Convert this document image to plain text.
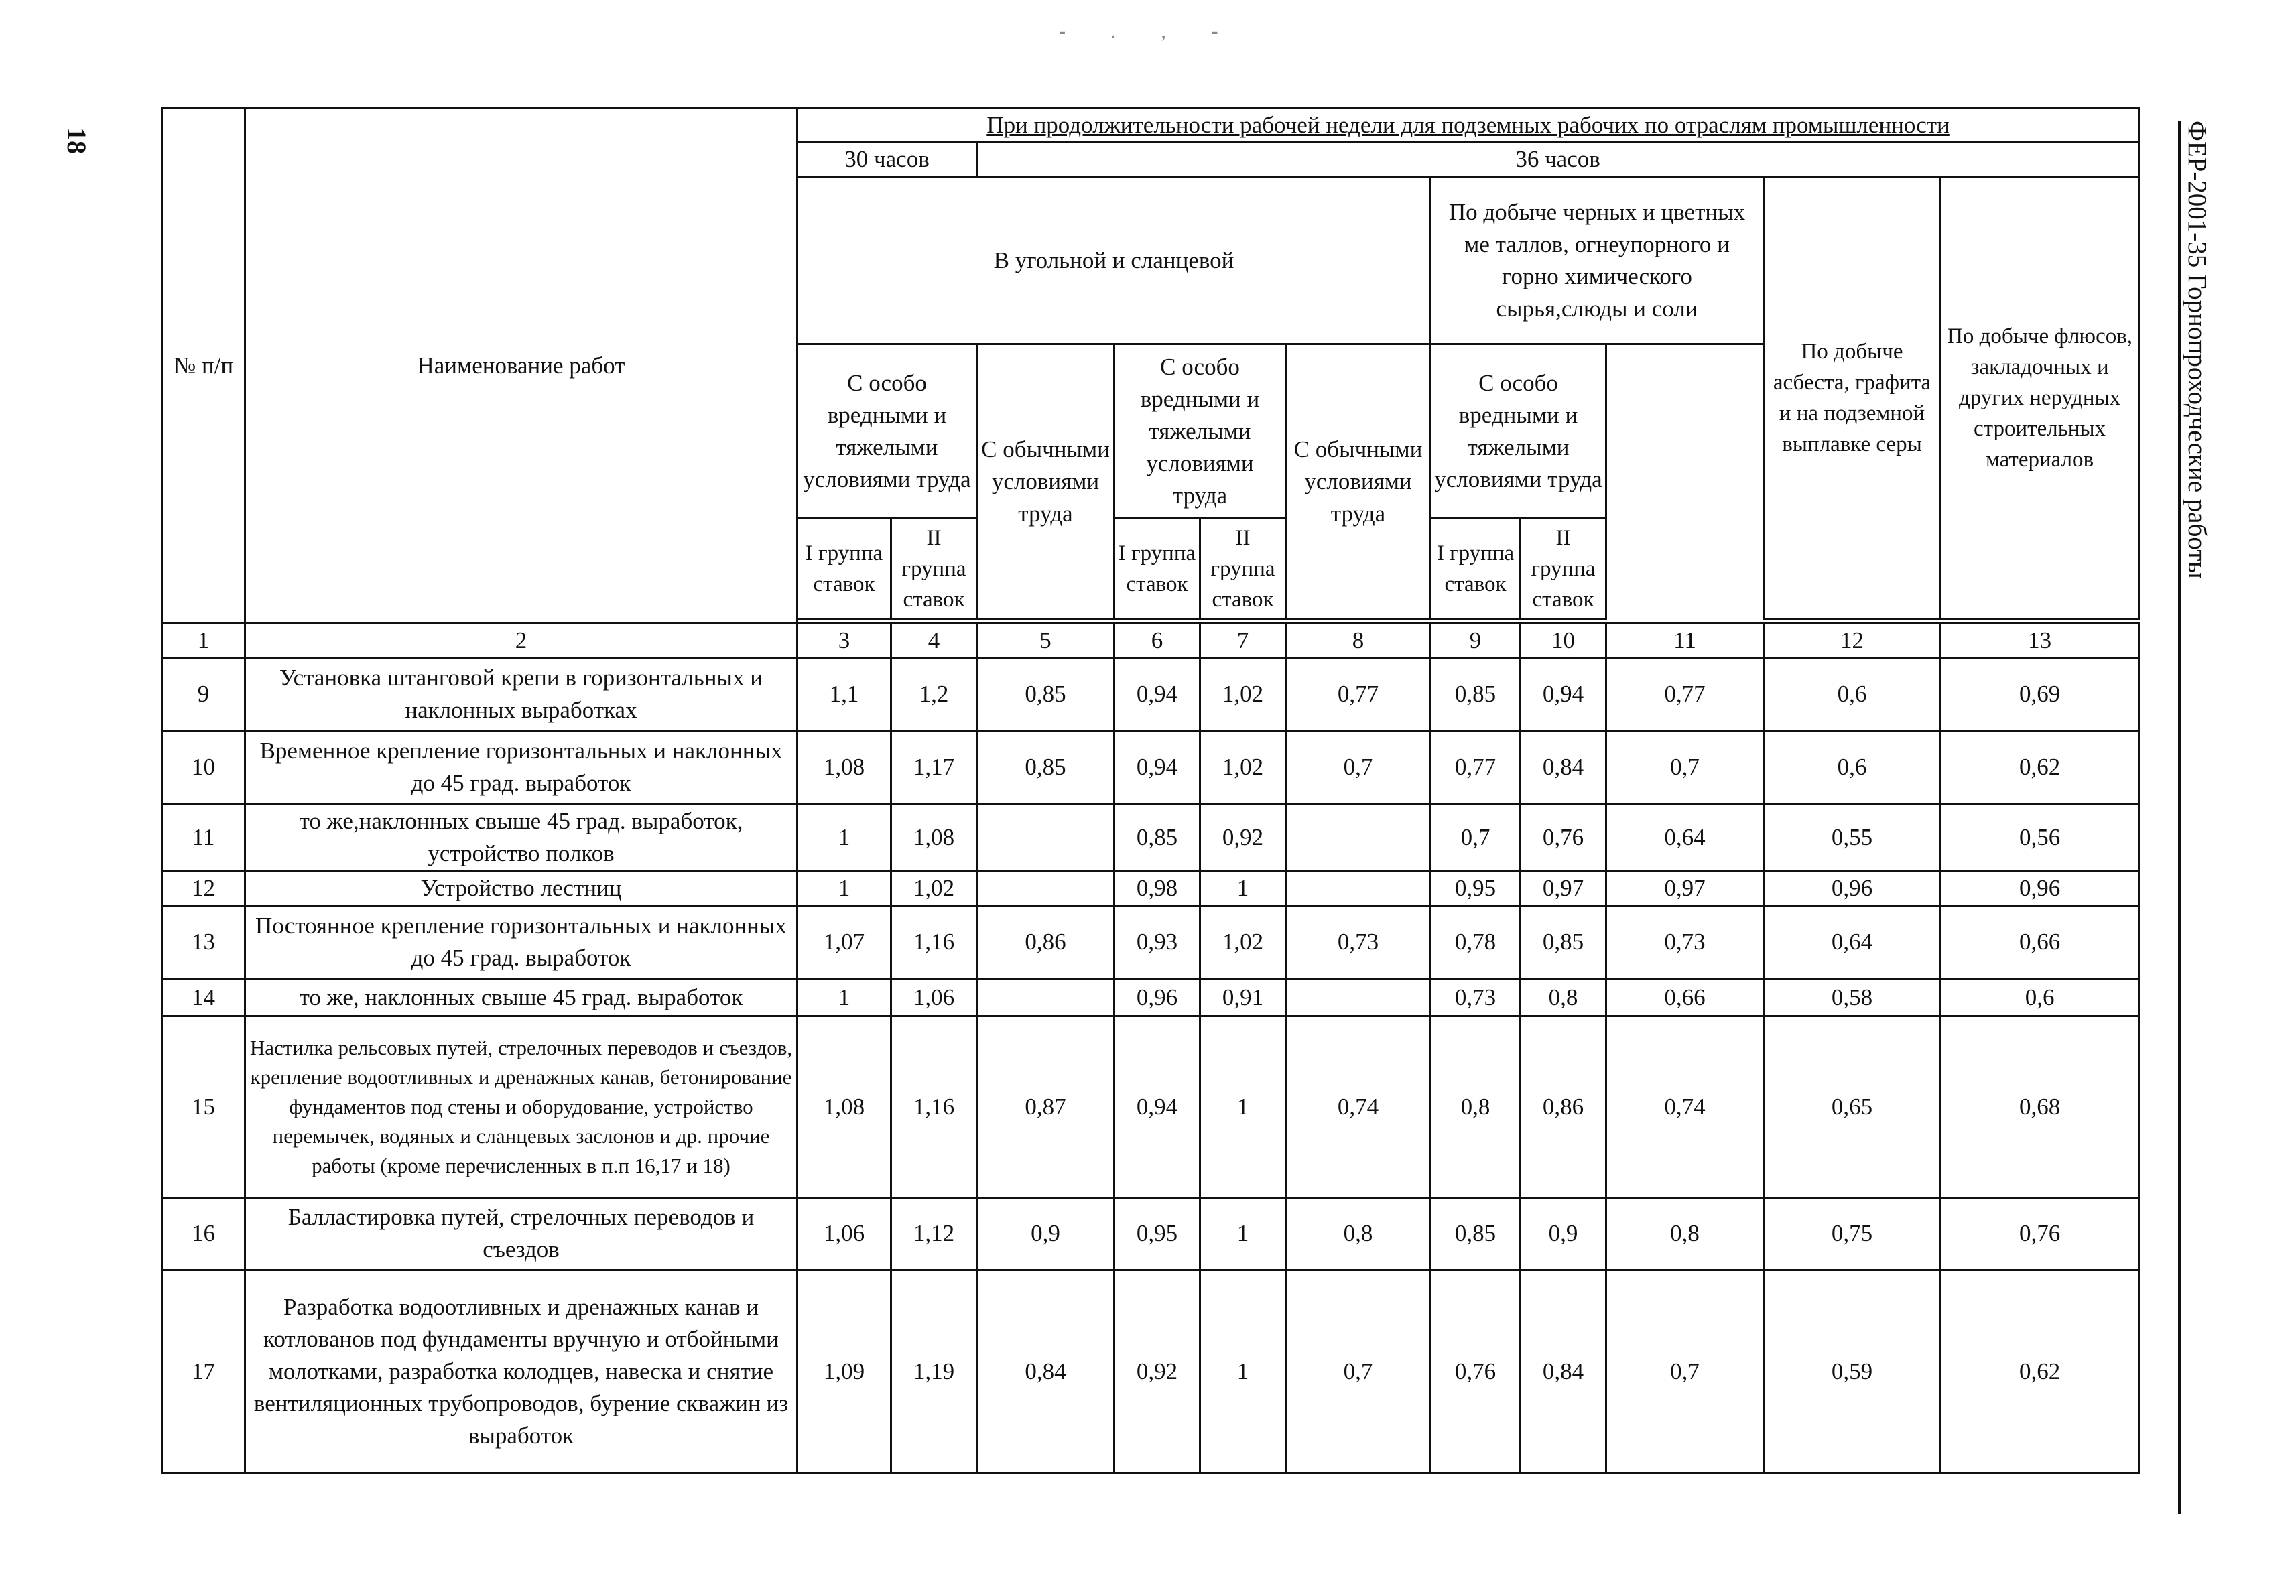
- . , -
18	ФЕР-2001-35 Горнопроходческие работы
№ п/п	Наименование работ	При продолжительности рабочей недели для подземных рабочих по отраслям промышленности											
		30 часов		36 часов									
		В угольной и сланцевой						По добыче черных и цветных ме таллов, огнеупорного и горно химического сырья,слюды и соли			По добыче асбеста, графита и на подземной выплавке серы	По добыче флюсов, закладочных и других нерудных строительных материалов	
		С особо вредными и тяжелыми условиями труда		С обычными условиями труда	С особо вредными и тяжелыми условиями труда		С обычными условиями труда	С особо вредными и тяжелыми условиями труда					
		I группа ставок	II группа ставок		I группа ставок	II группа ставок		I группа ставок	II группа ставок				

1	2	3	4	5	6	7	8	9	10	11	12	13	
9	Установка штанговой крепи в горизонтальных и наклонных выработках	1,1	1,2	0,85	0,94	1,02	0,77	0,85	0,94	0,77	0,6	0,69	
10	Временное крепление горизонтальных и наклонных до 45 град. выработок	1,08	1,17	0,85	0,94	1,02	0,7	0,77	0,84	0,7	0,6	0,62	
11	то же,наклонных свыше 45 град. выработок, устройство полков	1	1,08		0,85	0,92		0,7	0,76	0,64	0,55	0,56	
12	Устройство лестниц	1	1,02		0,98	1		0,95	0,97	0,97	0,96	0,96	
13	Постоянное крепление горизонтальных и наклонных до 45 град. выработок	1,07	1,16	0,86	0,93	1,02	0,73	0,78	0,85	0,73	0,64	0,66	
14	то же, наклонных свыше 45 град. выработок	1	1,06		0,96	0,91		0,73	0,8	0,66	0,58	0,6	
15	Настилка рельсовых путей, стрелочных переводов и съездов, крепление водоотливных и дренажных канав, бетонирование фундаментов под стены и оборудование, устройство перемычек, водяных и сланцевых заслонов и др. прочие работы (кроме перечисленных в п.п 16,17 и 18)	1,08	1,16	0,87	0,94	1	0,74	0,8	0,86	0,74	0,65	0,68	
16	Балластировка путей, стрелочных переводов и съездов	1,06	1,12	0,9	0,95	1	0,8	0,85	0,9	0,8	0,75	0,76	
17	Разработка водоотливных и дренажных канав и котлованов под фундаменты вручную и отбойными молотками, разработка колодцев, навеска и снятие вентиляционных трубопроводов, бурение скважин из выработок	1,09	1,19	0,84	0,92	1	0,7	0,76	0,84	0,7	0,59	0,62	
